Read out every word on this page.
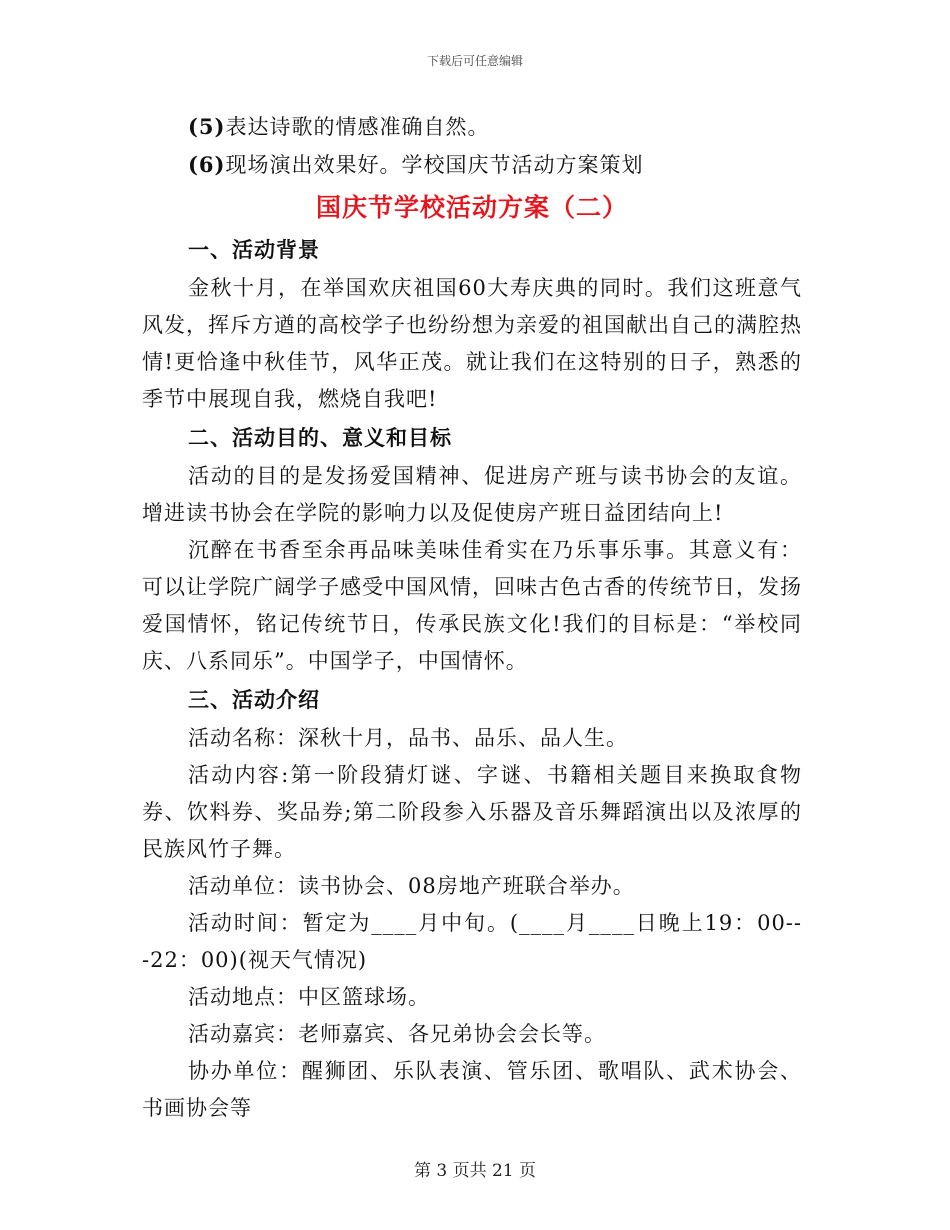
下载后可任意编辑
(5)表达诗歌的情感准确自然。
(6)现场演出效果好。学校国庆节活动方案策划
国庆节学校活动方案（二）
一、活动背景
金秋十月，在举国欢庆祖国60大寿庆典的同时。我们这班意气风发，挥斥方遒的高校学子也纷纷想为亲爱的祖国献出自己的满腔热情!更恰逢中秋佳节，风华正茂。就让我们在这特别的日子，熟悉的季节中展现自我，燃烧自我吧!
二、活动目的、意义和目标
活动的目的是发扬爱国精神、促进房产班与读书协会的友谊。增进读书协会在学院的影响力以及促使房产班日益团结向上!
沉醉在书香至余再品味美味佳肴实在乃乐事乐事。其意义有：可以让学院广阔学子感受中国风情，回味古色古香的传统节日，发扬爱国情怀，铭记传统节日，传承民族文化!我们的目标是：“举校同庆、八系同乐”。中国学子，中国情怀。
三、活动介绍
活动名称：深秋十月，品书、品乐、品人生。
活动内容:第一阶段猜灯谜、字谜、书籍相关题目来换取食物券、饮料券、奖品券;第二阶段参入乐器及音乐舞蹈演出以及浓厚的民族风竹子舞。
活动单位：读书协会、08房地产班联合举办。
活动时间：暂定为____月中旬。(____月____日晚上19：00---22：00)(视天气情况)
活动地点：中区篮球场。
活动嘉宾：老师嘉宾、各兄弟协会会长等。
协办单位：醒狮团、乐队表演、管乐团、歌唱队、武术协会、书画协会等
第 3 页共 21 页
